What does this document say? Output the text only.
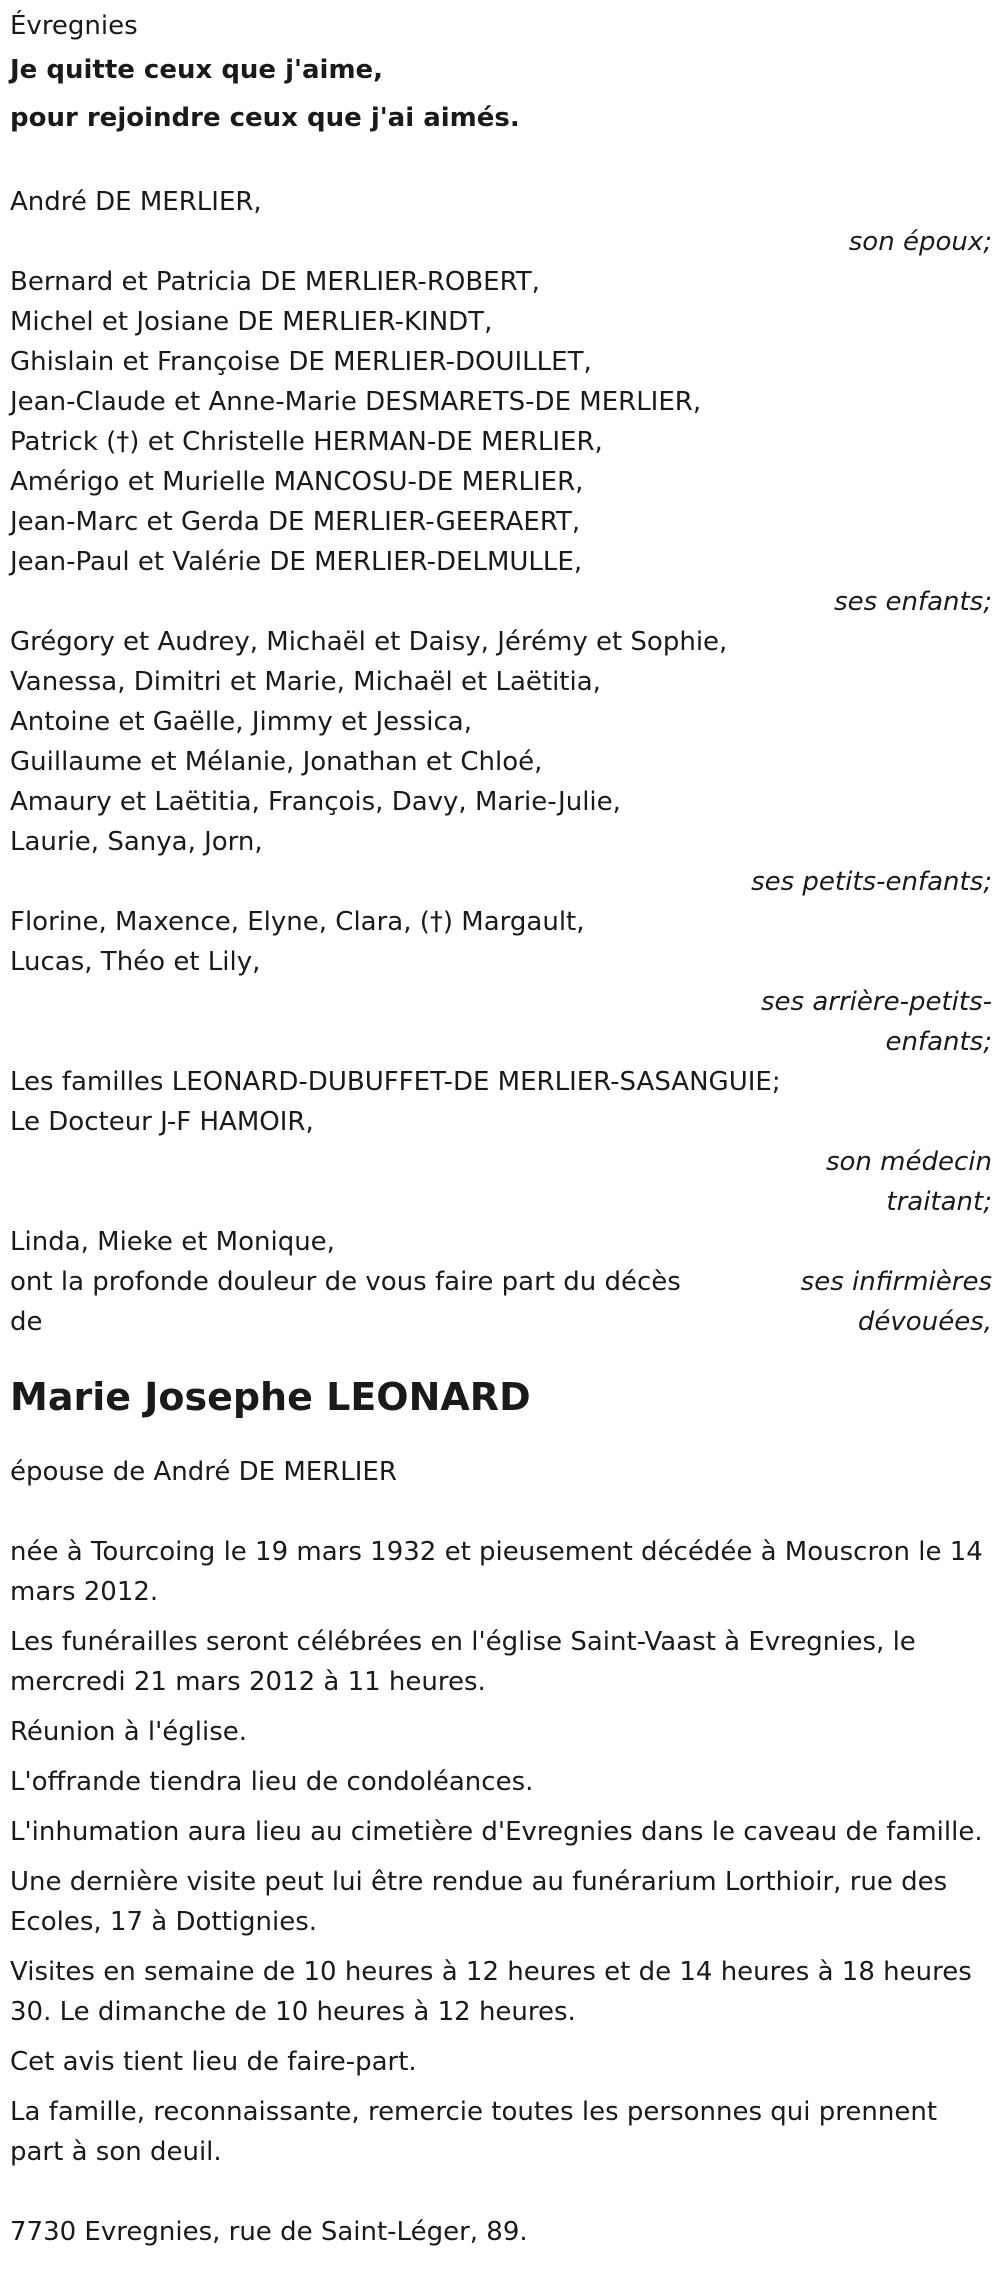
Évregnies

Je quitte ceux que j'aime,

pour rejoindre ceux que j'ai aimés.

André DE MERLIER,
son époux;
Bernard et Patricia DE MERLIER-ROBERT,
Michel et Josiane DE MERLIER-KINDT,
Ghislain et Françoise DE MERLIER-DOUILLET,
Jean-Claude et Anne-Marie DESMARETS-DE MERLIER,
Patrick (†) et Christelle HERMAN-DE MERLIER,
Amérigo et Murielle MANCOSU-DE MERLIER,
Jean-Marc et Gerda DE MERLIER-GEERAERT,
Jean-Paul et Valérie DE MERLIER-DELMULLE,
ses enfants;
Grégory et Audrey, Michaël et Daisy, Jérémy et Sophie,
Vanessa, Dimitri et Marie, Michaël et Laëtitia,
Antoine et Gaëlle, Jimmy et Jessica,
Guillaume et Mélanie, Jonathan et Chloé,
Amaury et Laëtitia, François, Davy, Marie-Julie,
Laurie, Sanya, Jorn,
ses petits-enfants;
Florine, Maxence, Elyne, Clara, (†) Margault,
Lucas, Théo et Lily,
ses arrière-petits-
enfants;
Les familles LEONARD-DUBUFFET-DE MERLIER-SASANGUIE;
Le Docteur J-F HAMOIR,
son médecin
traitant;
Linda, Mieke et Monique,
ses infirmières
dévouées,
ont la profonde douleur de vous faire part du décès
de

Marie Josephe LEONARD

épouse de André DE MERLIER

née à Tourcoing le 19 mars 1932 et pieusement décédée à Mouscron le 14 mars 2012.

Les funérailles seront célébrées en l'église Saint-Vaast à Evregnies, le mercredi 21 mars 2012 à 11 heures.

Réunion à l'église.

L'offrande tiendra lieu de condoléances.

L'inhumation aura lieu au cimetière d'Evregnies dans le caveau de famille.

Une dernière visite peut lui être rendue au funérarium Lorthioir, rue des Ecoles, 17 à Dottignies.

Visites en semaine de 10 heures à 12 heures et de 14 heures à 18 heures 30. Le dimanche de 10 heures à 12 heures.

Cet avis tient lieu de faire-part.

La famille, reconnaissante, remercie toutes les personnes qui prennent part à son deuil.

7730 Evregnies, rue de Saint-Léger, 89.
